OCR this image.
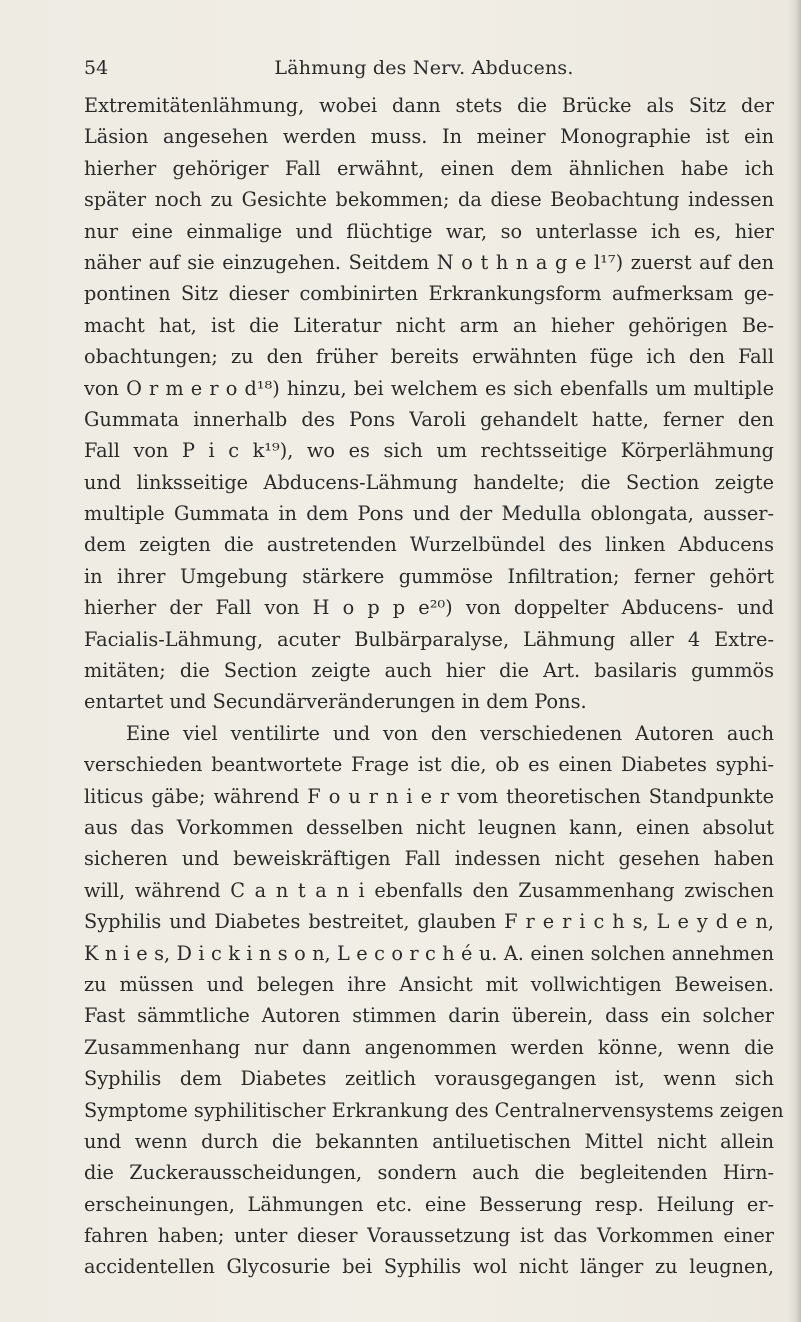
54	Lähmung des Nerv. Abducens.
Extremitätenlähmung, wobei dann stets die Brücke als Sitz der
Läsion angesehen werden muss. In meiner Monographie ist ein
hierher gehöriger Fall erwähnt, einen dem ähnlichen habe ich
später noch zu Gesichte bekommen; da diese Beobachtung indessen
nur eine einmalige und flüchtige war, so unterlasse ich es, hier
näher auf sie einzugehen. Seitdem N o t h n a g e l¹⁷) zuerst auf den
pontinen Sitz dieser combinirten Erkrankungsform aufmerksam ge-
macht hat, ist die Literatur nicht arm an hieher gehörigen Be-
obachtungen; zu den früher bereits erwähnten füge ich den Fall
von O r m e r o d¹⁸) hinzu, bei welchem es sich ebenfalls um multiple
Gummata innerhalb des Pons Varoli gehandelt hatte, ferner den
Fall von P i c k¹⁹), wo es sich um rechtsseitige Körperlähmung
und linksseitige Abducens-Lähmung handelte; die Section zeigte
multiple Gummata in dem Pons und der Medulla oblongata, ausser-
dem zeigten die austretenden Wurzelbündel des linken Abducens
in ihrer Umgebung stärkere gummöse Infiltration; ferner gehört
hierher der Fall von H o p p e²⁰) von doppelter Abducens- und
Facialis-Lähmung, acuter Bulbärparalyse, Lähmung aller 4 Extre-
mitäten; die Section zeigte auch hier die Art. basilaris gummös
entartet und Secundärveränderungen in dem Pons.
Eine viel ventilirte und von den verschiedenen Autoren auch
verschieden beantwortete Frage ist die, ob es einen Diabetes syphi-
liticus gäbe; während F o u r n i e r vom theoretischen Standpunkte
aus das Vorkommen desselben nicht leugnen kann, einen absolut
sicheren und beweiskräftigen Fall indessen nicht gesehen haben
will, während C a n t a n i ebenfalls den Zusammenhang zwischen
Syphilis und Diabetes bestreitet, glauben F r e r i c h s, L e y d e n,
K n i e s, D i c k i n s o n, L e c o r c h é u. A. einen solchen annehmen
zu müssen und belegen ihre Ansicht mit vollwichtigen Beweisen.
Fast sämmtliche Autoren stimmen darin überein, dass ein solcher
Zusammenhang nur dann angenommen werden könne, wenn die
Syphilis dem Diabetes zeitlich vorausgegangen ist, wenn sich
Symptome syphilitischer Erkrankung des Centralnervensystems zeigen
und wenn durch die bekannten antiluetischen Mittel nicht allein
die Zuckerausscheidungen, sondern auch die begleitenden Hirn-
erscheinungen, Lähmungen etc. eine Besserung resp. Heilung er-
fahren haben; unter dieser Voraussetzung ist das Vorkommen einer
accidentellen Glycosurie bei Syphilis wol nicht länger zu leugnen,
